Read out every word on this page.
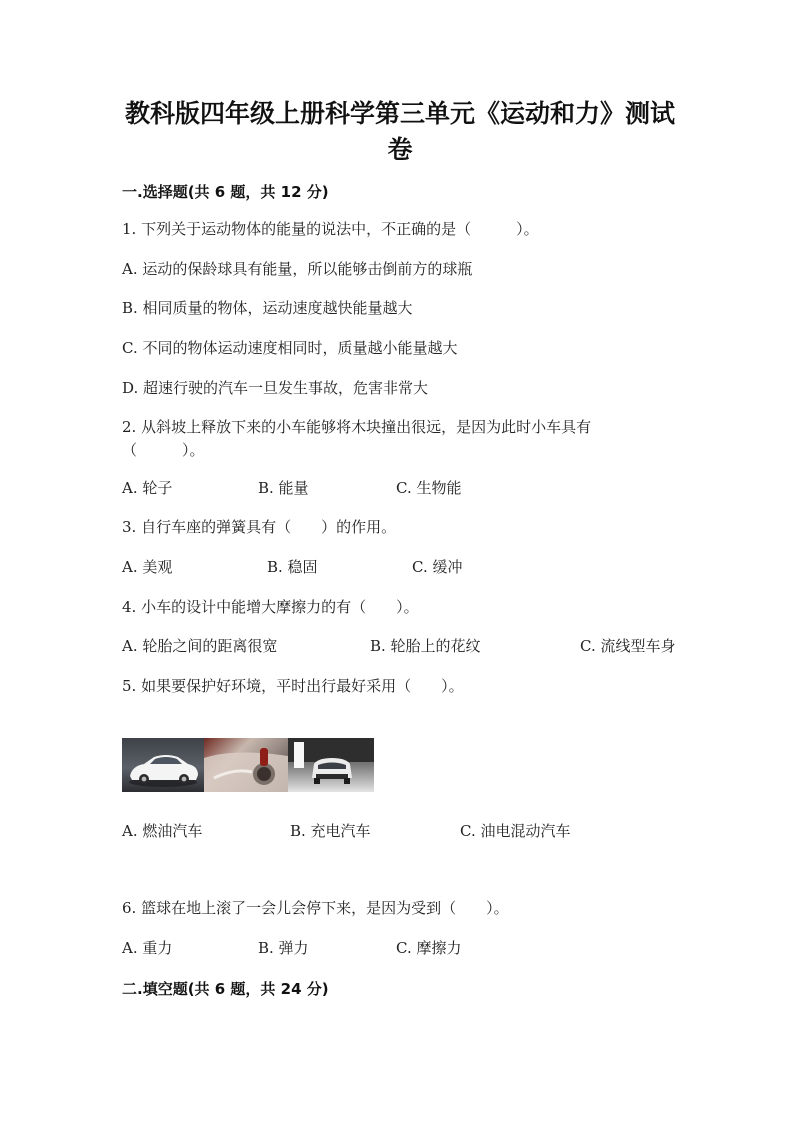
教科版四年级上册科学第三单元《运动和力》测试
卷
一.选择题(共 6 题，共 12 分)
1. 下列关于运动物体的能量的说法中，不正确的是（　　　）。
A. 运动的保龄球具有能量，所以能够击倒前方的球瓶
B. 相同质量的物体，运动速度越快能量越大
C. 不同的物体运动速度相同时，质量越小能量越大
D. 超速行驶的汽车一旦发生事故，危害非常大
2. 从斜坡上释放下来的小车能够将木块撞出很远，是因为此时小车具有
（　　　）。
A. 轮子	B. 能量	C. 生物能
3. 自行车座的弹簧具有（　　）的作用。
A. 美观	B. 稳固	C. 缓冲
4. 小车的设计中能增大摩擦力的有（　　）。
A. 轮胎之间的距离很宽	B. 轮胎上的花纹	C. 流线型车身
5. 如果要保护好环境，平时出行最好采用（　　）。
A. 燃油汽车	B. 充电汽车	C. 油电混动汽车
6. 篮球在地上滚了一会儿会停下来，是因为受到（　　）。
A. 重力	B. 弹力	C. 摩擦力
二.填空题(共 6 题，共 24 分)
